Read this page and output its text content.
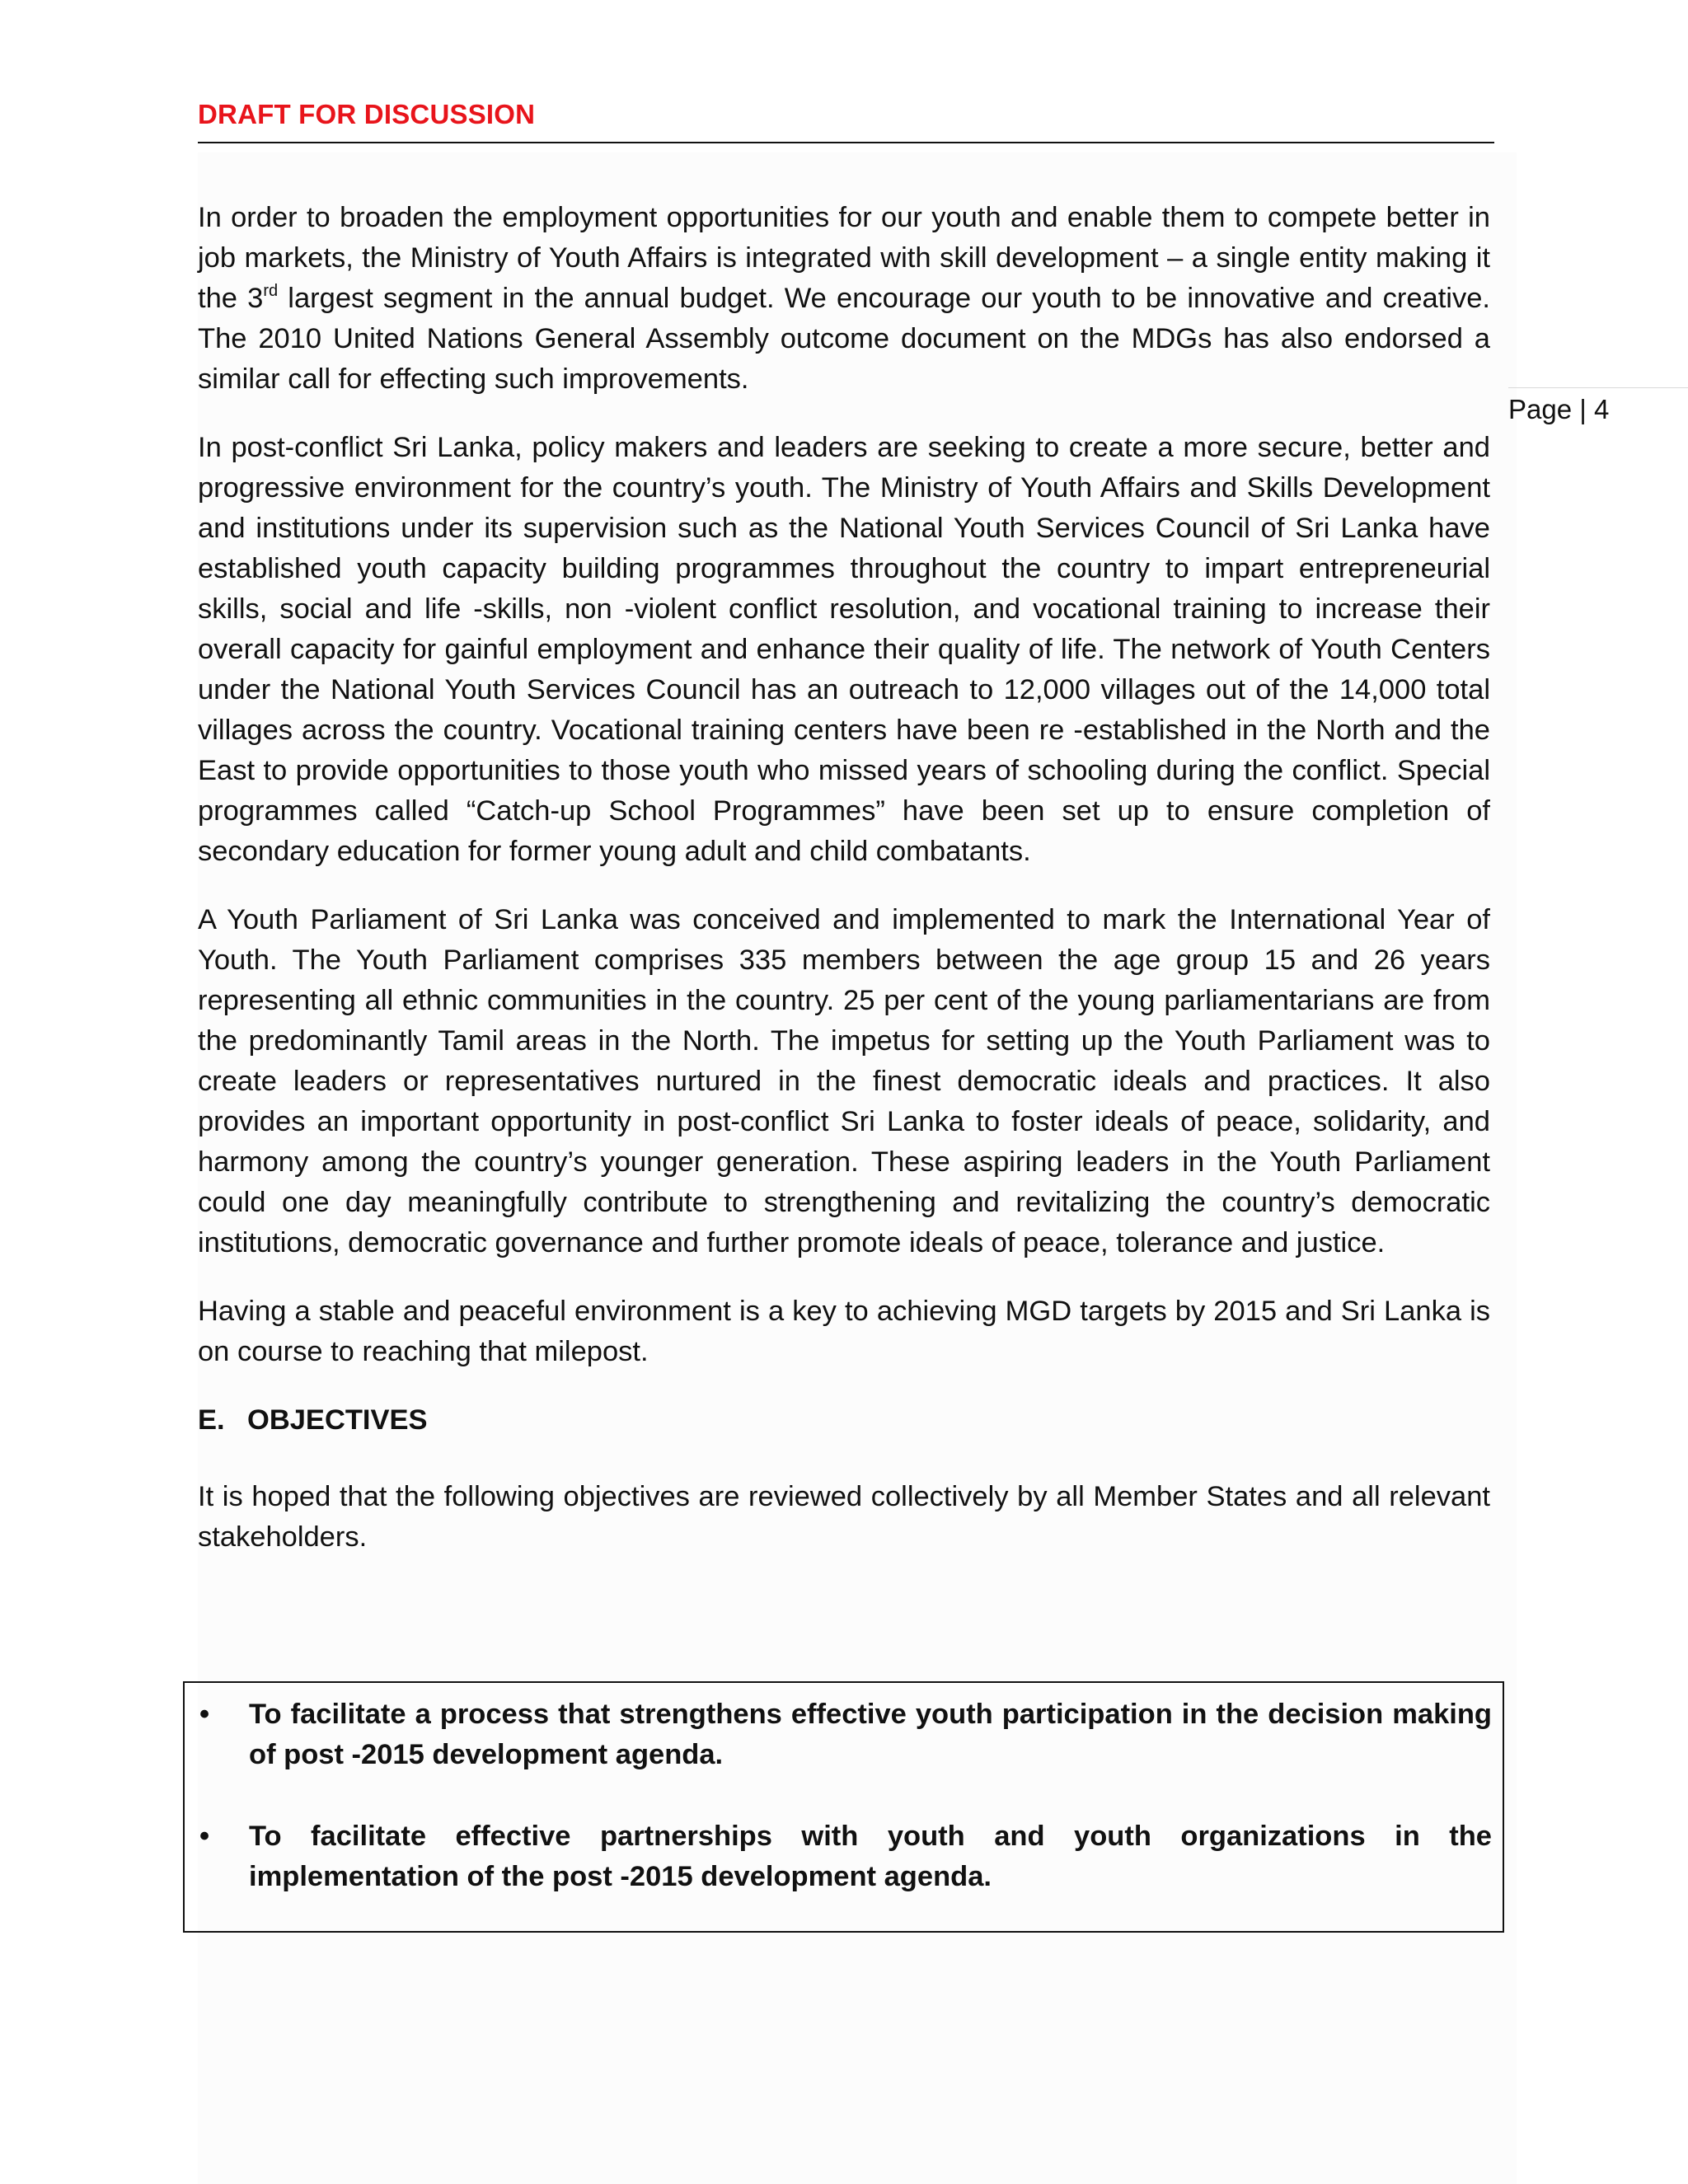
DRAFT FOR DISCUSSION
Page | 4

In order to broaden the employment opportunities for our youth and enable them to compete better in job markets, the Ministry of Youth Affairs is integrated with skill development – a single entity making it the 3rd largest segment in the annual budget. We encourage our youth to be innovative and creative. The 2010 United Nations General Assembly outcome document on the MDGs has also endorsed a similar call for effecting such improvements.

In post-conflict Sri Lanka, policy makers and leaders are seeking to create a more secure, better and progressive environment for the country’s youth. The Ministry of Youth Affairs and Skills Development and institutions under its supervision such as the National Youth Services Council of Sri Lanka have established youth capacity building programmes throughout the country to impart entrepreneurial skills, social and life -skills, non -violent conflict resolution, and vocational training to increase their overall capacity for gainful employment and enhance their quality of life. The network of Youth Centers under the National Youth Services Council has an outreach to 12,000 villages out of the 14,000 total villages across the country. Vocational training centers have been re -established in the North and the East to provide opportunities to those youth who missed years of schooling during the conflict. Special programmes called “Catch-up School Programmes” have been set up to ensure completion of secondary education for former young adult and child combatants.

A Youth Parliament of Sri Lanka was conceived and implemented to mark the International Year of Youth. The Youth Parliament comprises 335 members between the age group 15 and 26 years representing all ethnic communities in the country. 25 per cent of the young parliamentarians are from the predominantly Tamil areas in the North. The impetus for setting up the Youth Parliament was to create leaders or representatives nurtured in the finest democratic ideals and practices. It also provides an important opportunity in post-conflict Sri Lanka to foster ideals of peace, solidarity, and harmony among the country’s younger generation. These aspiring leaders in the Youth Parliament could one day meaningfully contribute to strengthening and revitalizing the country’s democratic institutions, democratic governance and further promote ideals of peace, tolerance and justice.

Having a stable and peaceful environment is a key to achieving MGD targets by 2015 and Sri Lanka is on course to reaching that milepost.

E. OBJECTIVES

It is hoped that the following objectives are reviewed collectively by all Member States and all relevant stakeholders.

•	To facilitate a process that strengthens effective youth participation in the decision making of post -2015 development agenda.
•	To facilitate effective partnerships with youth and youth organizations in the implementation of the post -2015 development agenda.
